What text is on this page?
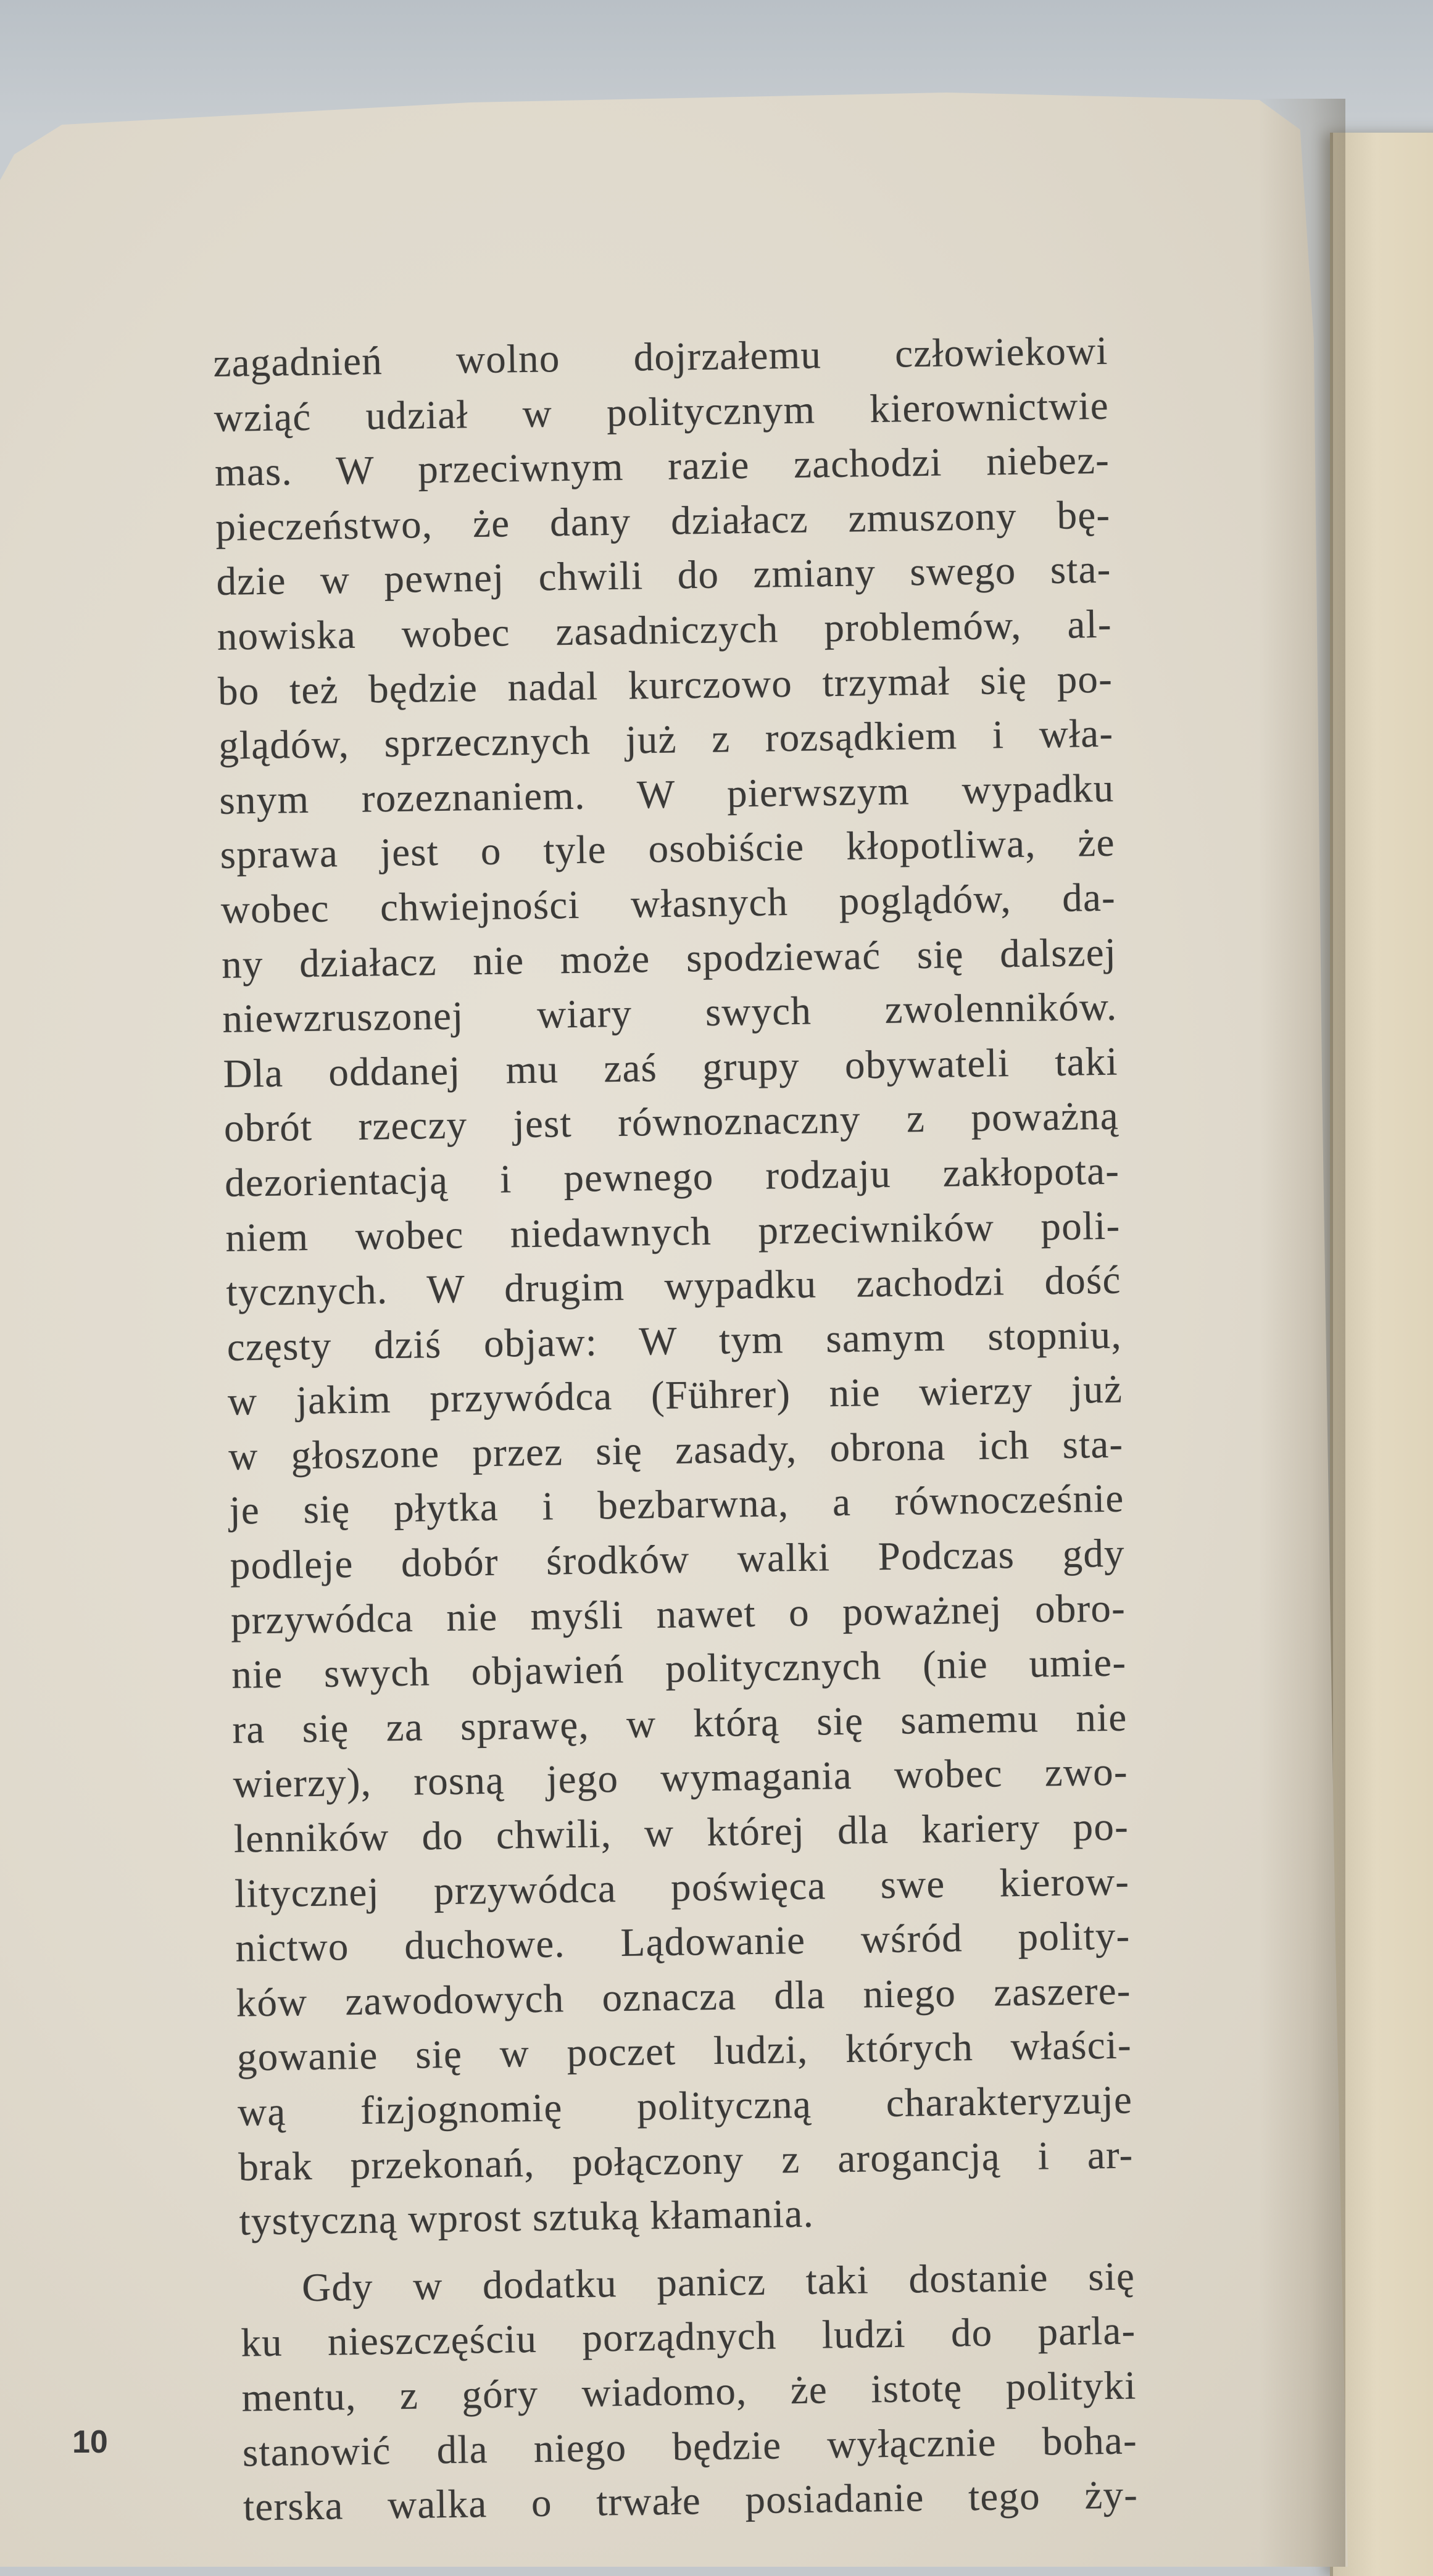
zagadnień wolno dojrzałemu człowiekowi
wziąć udział w politycznym kierownictwie
mas. W przeciwnym razie zachodzi niebez-
pieczeństwo, że dany działacz zmuszony bę-
dzie w pewnej chwili do zmiany swego sta-
nowiska wobec zasadniczych problemów, al-
bo też będzie nadal kurczowo trzymał się po-
glądów, sprzecznych już z rozsądkiem i wła-
snym rozeznaniem. W pierwszym wypadku
sprawa jest o tyle osobiście kłopotliwa, że
wobec chwiejności własnych poglądów, da-
ny działacz nie może spodziewać się dalszej
niewzruszonej wiary swych zwolenników.
Dla oddanej mu zaś grupy obywateli taki
obrót rzeczy jest równoznaczny z poważną
dezorientacją i pewnego rodzaju zakłopota-
niem wobec niedawnych przeciwników poli-
tycznych. W drugim wypadku zachodzi dość
częsty dziś objaw: W tym samym stopniu,
w jakim przywódca (Führer) nie wierzy już
w głoszone przez się zasady, obrona ich sta-
je się płytka i bezbarwna, a równocześnie
podleje dobór środków walki Podczas gdy
przywódca nie myśli nawet o poważnej obro-
nie swych objawień politycznych (nie umie-
ra się za sprawę, w którą się samemu nie
wierzy), rosną jego wymagania wobec zwo-
lenników do chwili, w której dla kariery po-
litycznej przywódca poświęca swe kierow-
nictwo duchowe. Lądowanie wśród polity-
ków zawodowych oznacza dla niego zaszere-
gowanie się w poczet ludzi, których właści-
wą fizjognomię polityczną charakteryzuje
brak przekonań, połączony z arogancją i ar-
tystyczną wprost sztuką kłamania.
Gdy w dodatku panicz taki dostanie się
ku nieszczęściu porządnych ludzi do parla-
mentu, z góry wiadomo, że istotę polityki
stanowić dla niego będzie wyłącznie boha-
terska walka o trwałe posiadanie tego ży-
10
